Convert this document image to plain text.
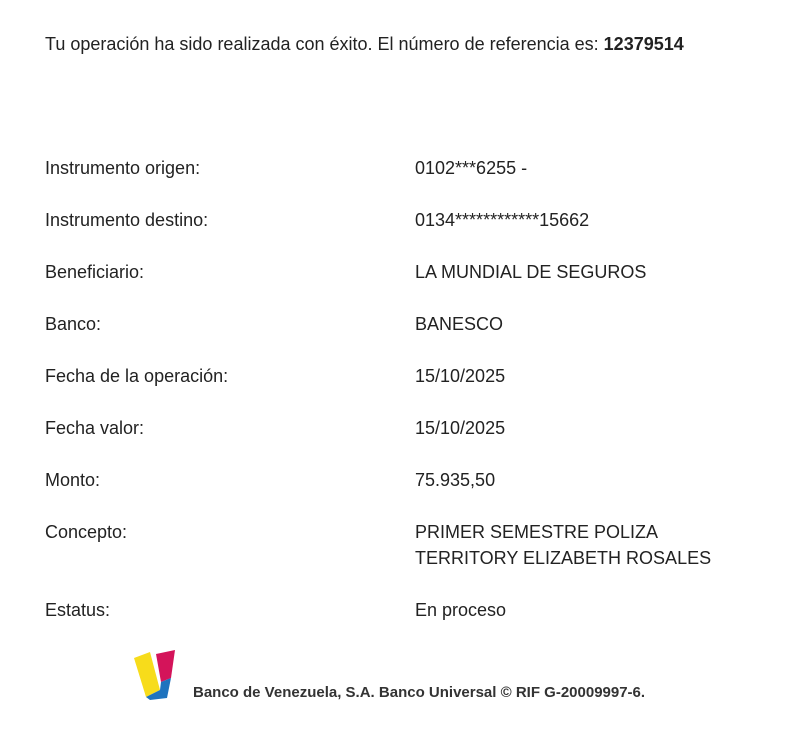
Tu operación ha sido realizada con éxito. El número de referencia es: 12379514
Instrumento origen:	0102***6255 -
Instrumento destino:	0134************15662
Beneficiario:	LA MUNDIAL DE SEGUROS
Banco:	BANESCO
Fecha de la operación:	15/10/2025
Fecha valor:	15/10/2025
Monto:	75.935,50
Concepto:	PRIMER SEMESTRE POLIZA
TERRITORY ELIZABETH ROSALES
Estatus:	En proceso
Banco de Venezuela, S.A. Banco Universal © RIF G-20009997-6.
